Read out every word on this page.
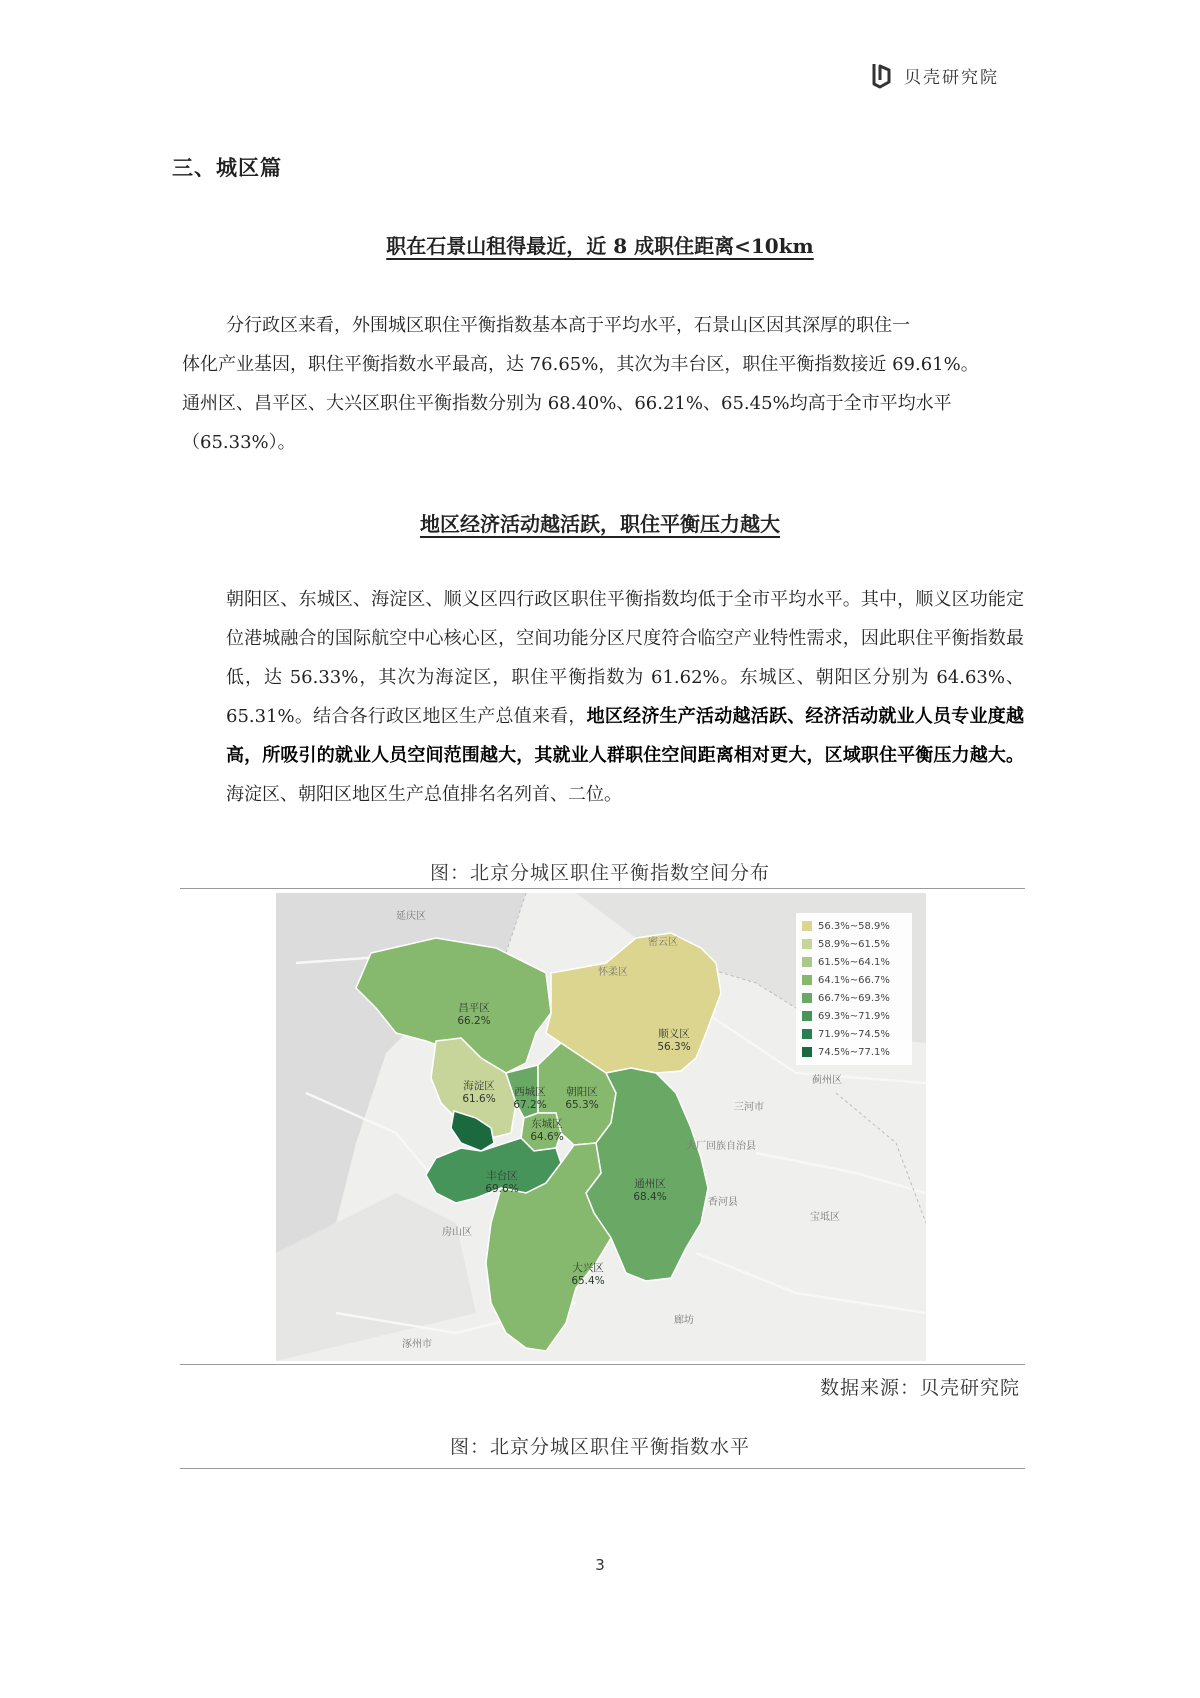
贝壳研究院
三、城区篇
职在石景山租得最近，近 8 成职住距离<10km
分行政区来看，外围城区职住平衡指数基本高于平均水平，石景山区因其深厚的职住一
体化产业基因，职住平衡指数水平最高，达 76.65%，其次为丰台区，职住平衡指数接近 69.61%。
通州区、昌平区、大兴区职住平衡指数分别为 68.40%、66.21%、65.45%均高于全市平均水平
（65.33%）。
地区经济活动越活跃，职住平衡压力越大
朝阳区、东城区、海淀区、顺义区四行政区职住平衡指数均低于全市平均水平。其中，顺义区功能定位港城融合的国际航空中心核心区，空间功能分区尺度符合临空产业特性需求，因此职住平衡指数最低，达 56.33%，其次为海淀区，职住平衡指数为 61.62%。东城区、朝阳区分别为 64.63%、65.31%。结合各行政区地区生产总值来看，地区经济生产活动越活跃、经济活动就业人员专业度越高，所吸引的就业人员空间范围越大，其就业人群职住空间距离相对更大，区域职住平衡压力越大。海淀区、朝阳区地区生产总值排名名列首、二位。
图：北京分城区职住平衡指数空间分布
延庆区
怀柔区
密云区
蓟州区
三河市
大厂回族自治县
香河县
宝坻区
房山区
涿州市
廊坊
昌平区
66.2%
顺义区
56.3%
海淀区
61.6%
西城区
67.2%
朝阳区
65.3%
东城区
64.6%
丰台区
69.6%	通州区
68.4%
大兴区
65.4%
56.3%~58.9%
58.9%~61.5%
61.5%~64.1%
64.1%~66.7%
66.7%~69.3%
69.3%~71.9%
71.9%~74.5%
74.5%~77.1%
数据来源：贝壳研究院
图：北京分城区职住平衡指数水平
3
